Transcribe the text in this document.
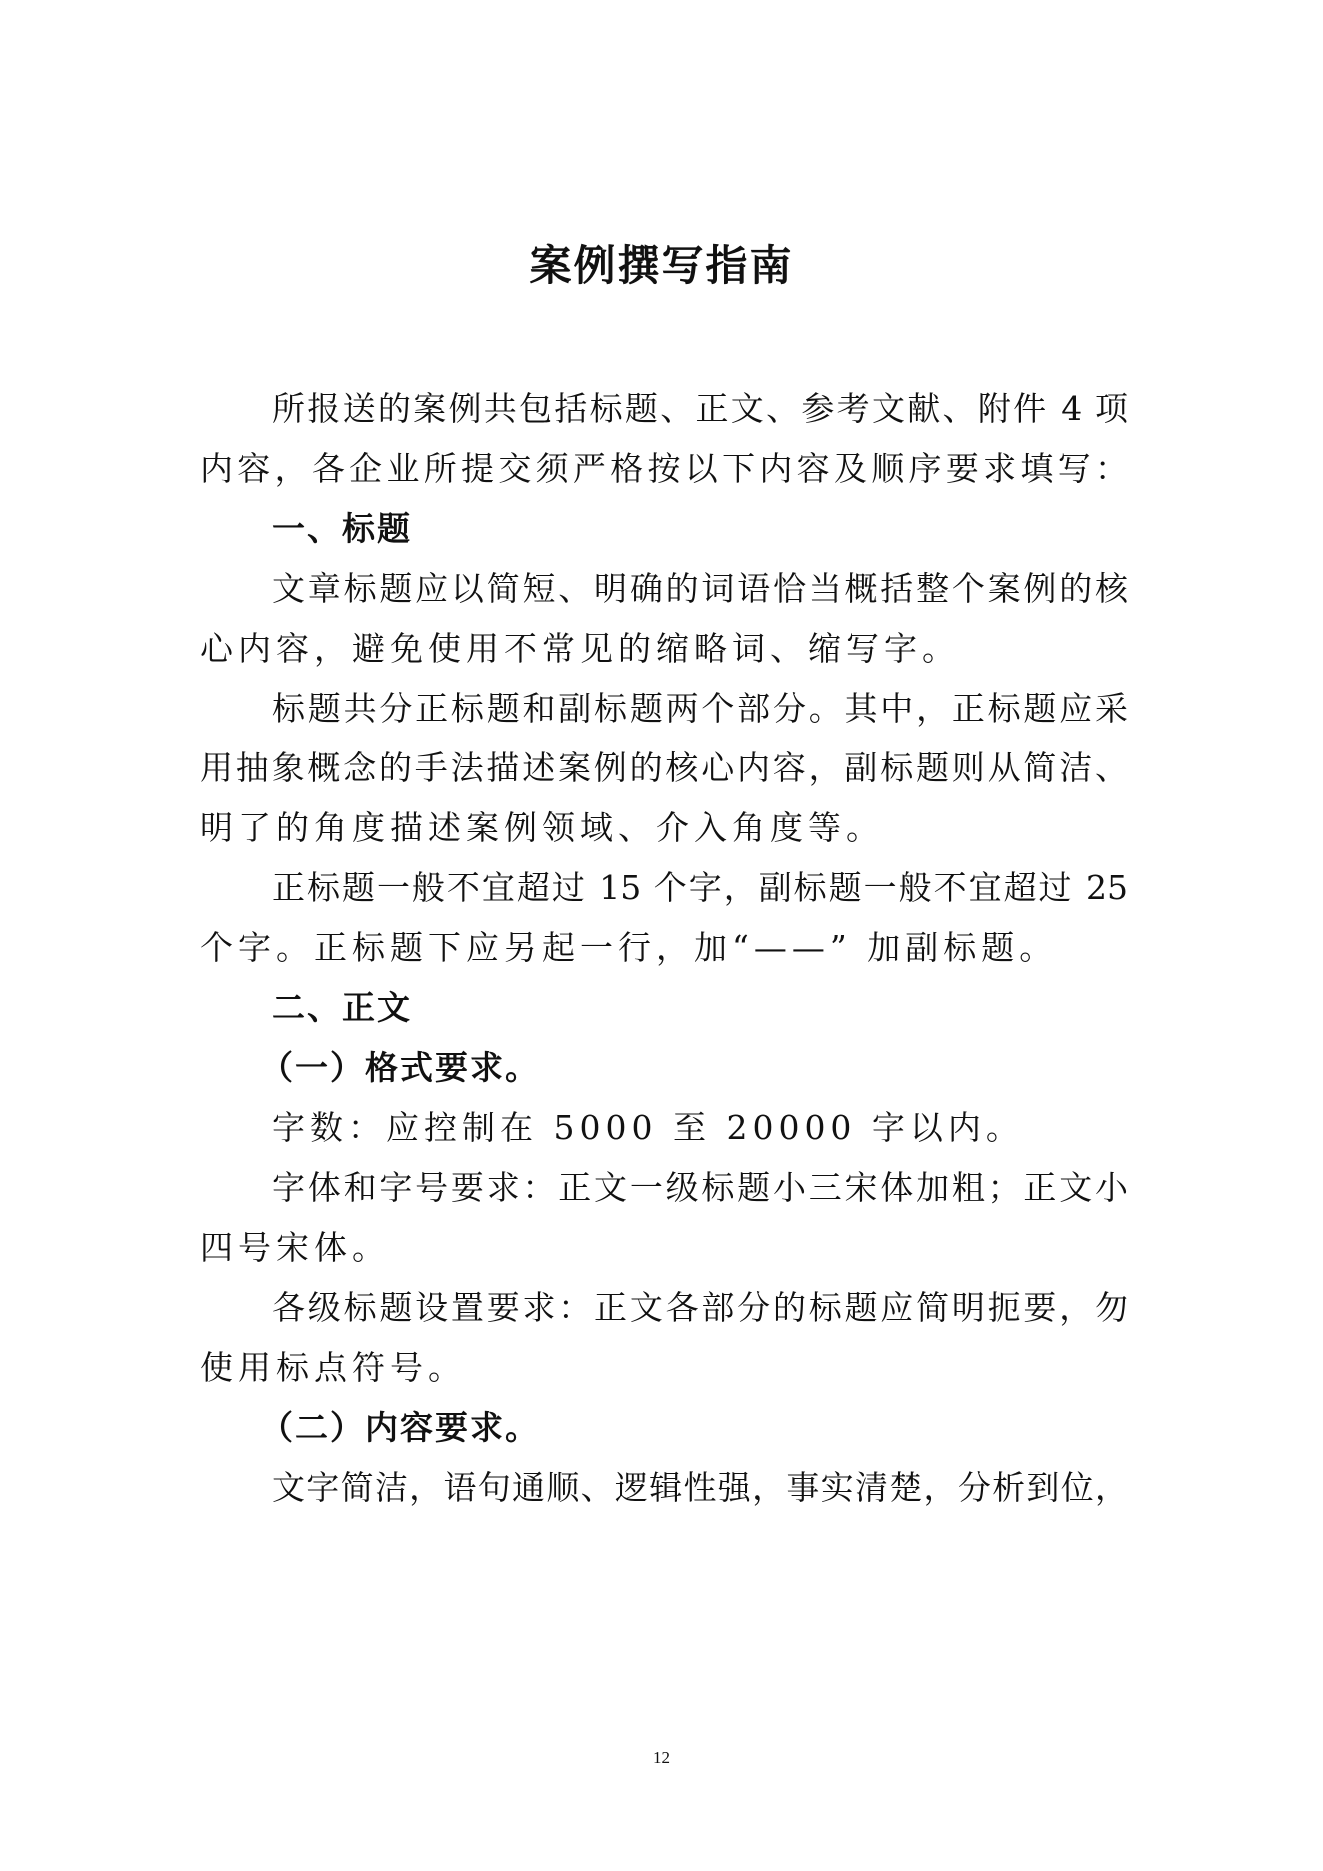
案例撰写指南

所报送的案例共包括标题、正文、参考文献、附件 4 项

内容，各企业所提交须严格按以下内容及顺序要求填写：

一、标题

文章标题应以简短、明确的词语恰当概括整个案例的核

心内容，避免使用不常见的缩略词、缩写字。

标题共分正标题和副标题两个部分。其中，正标题应采

用抽象概念的手法描述案例的核心内容，副标题则从简洁、

明了的角度描述案例领域、介入角度等。

正标题一般不宜超过 15 个字，副标题一般不宜超过 25

个字。正标题下应另起一行，加“——” 加副标题。

二、正文

（一）格式要求。

字数：应控制在 5000 至 20000 字以内。

字体和字号要求：正文一级标题小三宋体加粗；正文小

四号宋体。

各级标题设置要求：正文各部分的标题应简明扼要，勿

使用标点符号。

（二）内容要求。

文字简洁，语句通顺、逻辑性强，事实清楚，分析到位，

12
